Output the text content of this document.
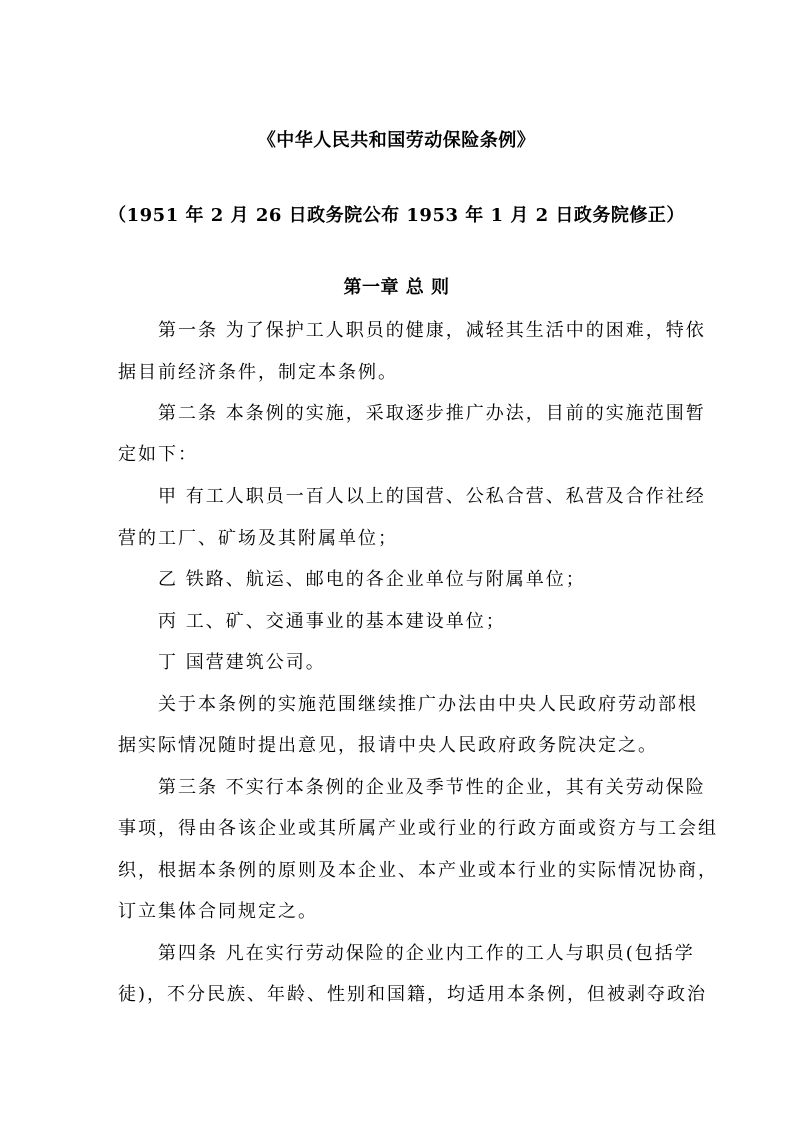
《中华人民共和国劳动保险条例》
（1951 年 2 月 26 日政务院公布 1953 年 1 月 2 日政务院修正）
第一章 总 则
第一条 为了保护工人职员的健康，减轻其生活中的困难，特依
据目前经济条件，制定本条例。
第二条 本条例的实施，采取逐步推广办法，目前的实施范围暂
定如下：
甲 有工人职员一百人以上的国营、公私合营、私营及合作社经
营的工厂、矿场及其附属单位；
乙 铁路、航运、邮电的各企业单位与附属单位；
丙 工、矿、交通事业的基本建设单位；
丁 国营建筑公司。
关于本条例的实施范围继续推广办法由中央人民政府劳动部根
据实际情况随时提出意见，报请中央人民政府政务院决定之。
第三条 不实行本条例的企业及季节性的企业，其有关劳动保险
事项，得由各该企业或其所属产业或行业的行政方面或资方与工会组
织，根据本条例的原则及本企业、本产业或本行业的实际情况协商，
订立集体合同规定之。
第四条 凡在实行劳动保险的企业内工作的工人与职员(包括学
徒)，不分民族、年龄、性别和国籍，均适用本条例，但被剥夺政治
